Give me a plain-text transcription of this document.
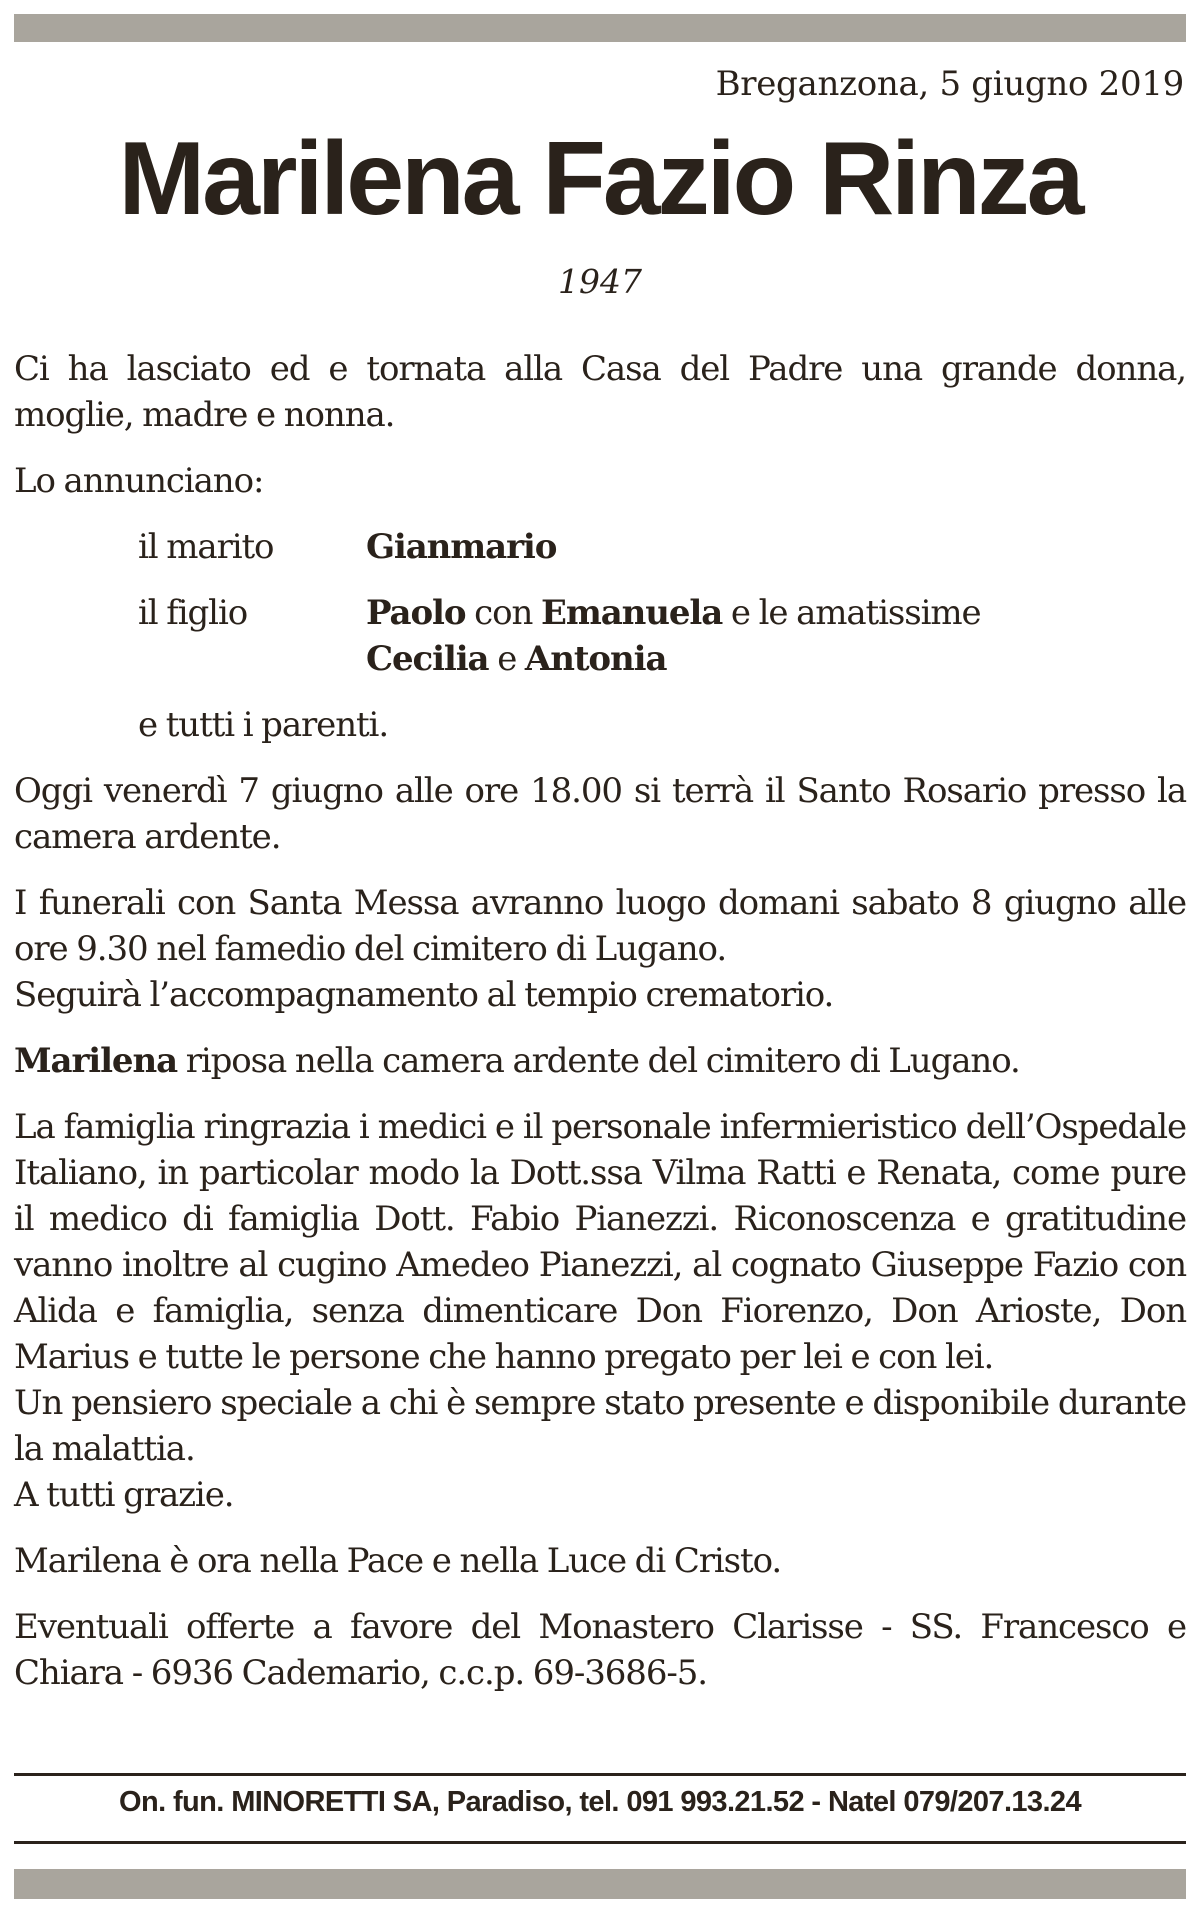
Breganzona, 5 giugno 2019
Marilena Fazio Rinza
1947

Ci ha lasciato ed e tornata alla Casa del Padre una grande donna, moglie, madre e nonna.

Lo annunciano:

il marito	Gianmario
il figlio	Paolo con Emanuela e le amatissime
Cecilia e Antonia
e tutti i parenti.

Oggi venerdì 7 giugno alle ore 18.00 si terrà il Santo Rosario presso la camera ardente.

I funerali con Santa Messa avranno luogo domani sabato 8 giugno alle ore 9.30 nel famedio del cimitero di Lugano.
Seguirà l’accompagnamento al tempio crematorio.

Marilena riposa nella camera ardente del cimitero di Lugano.

La famiglia ringrazia i medici e il personale infermieristico dell’Ospedale Italiano, in particolar modo la Dott.ssa Vilma Ratti e Renata, come pure il medico di famiglia Dott. Fabio Pianezzi. Riconoscenza e gratitudine vanno inoltre al cugino Amedeo Pianezzi, al cognato Giuseppe Fazio con Alida e famiglia, senza dimenticare Don Fiorenzo, Don Arioste, Don Marius e tutte le persone che hanno pregato per lei e con lei.
Un pensiero speciale a chi è sempre stato presente e disponibile durante la malattia.
A tutti grazie.

Marilena è ora nella Pace e nella Luce di Cristo.

Eventuali offerte a favore del Monastero Clarisse - SS. Francesco e Chiara - 6936 Cademario, c.c.p. 69-3686-5.

On. fun. MINORETTI SA, Paradiso, tel. 091 993.21.52 - Natel 079/207.13.24
